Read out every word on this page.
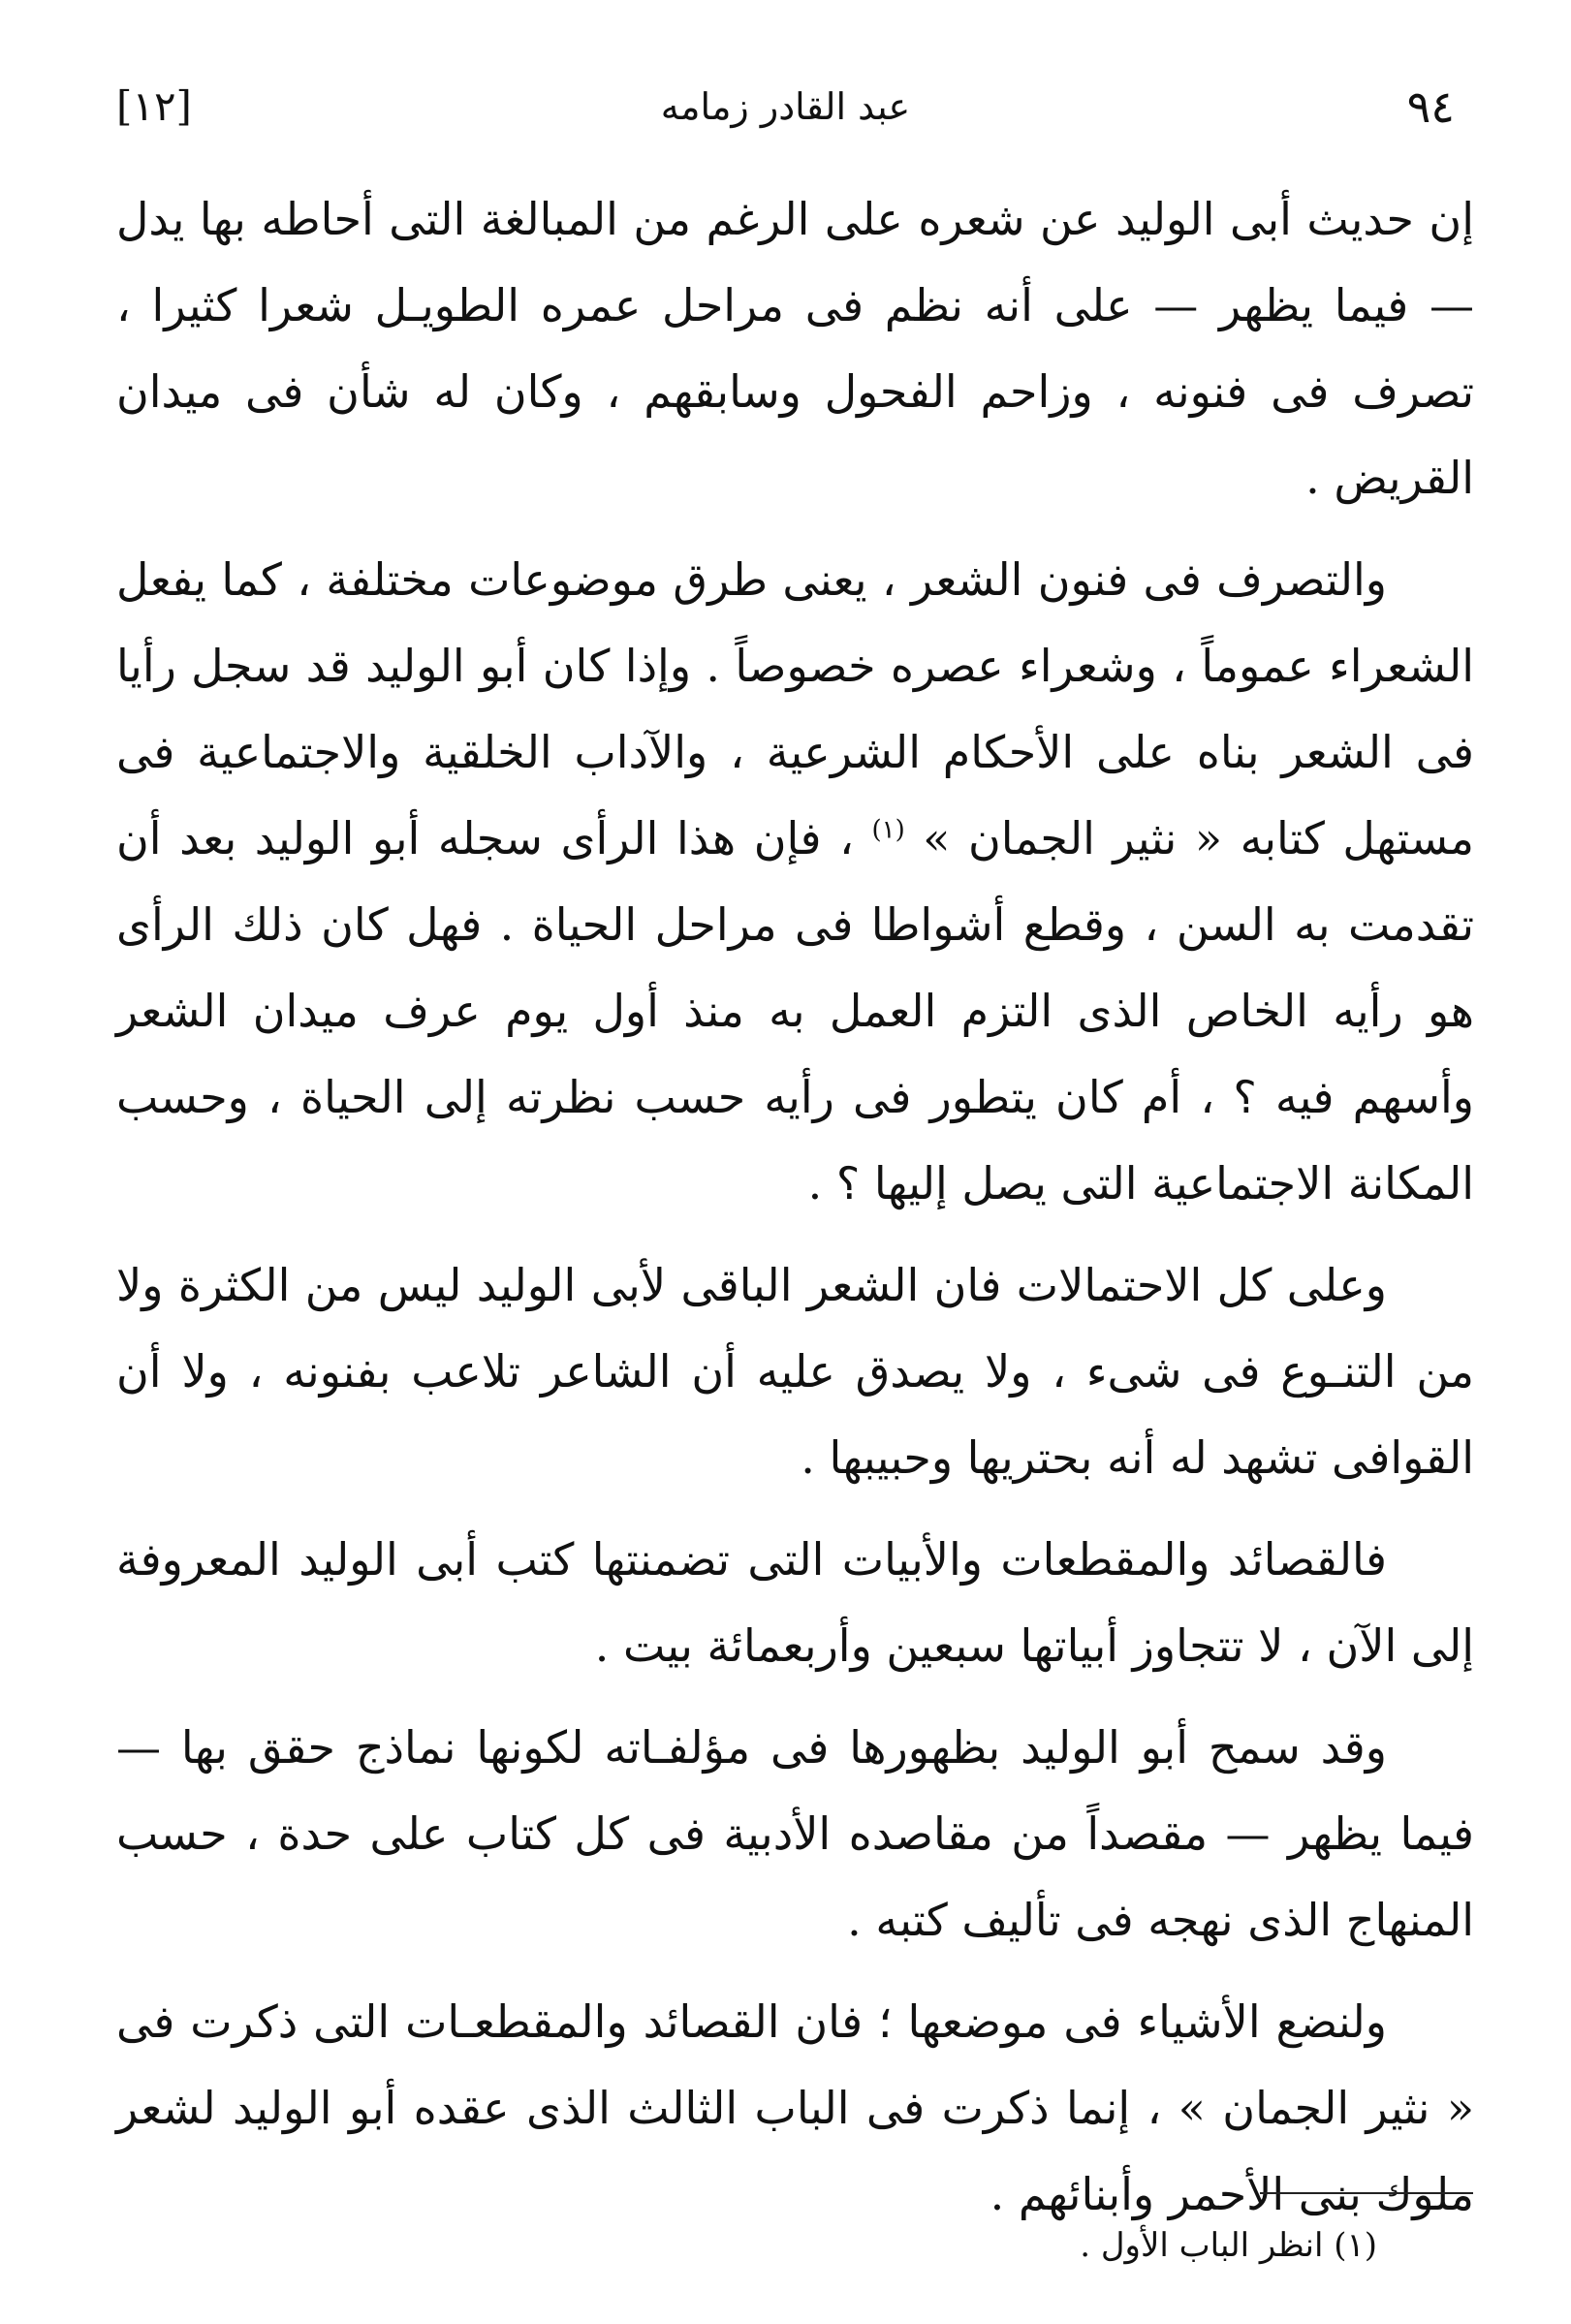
[١٢]	عبد القادر زمامه	٩٤

إن حديث أبى الوليد عن شعره على الرغم من المبالغة التى أحاطه بها يدل — فيما يظهر — على أنه نظم فى مراحل عمره الطويـل شعرا كثيرا ، تصرف فى فنونه ، وزاحم الفحول وسابقهم ، وكان له شأن فى ميدان القريض .

والتصرف فى فنون الشعر ، يعنى طرق موضوعات مختلفة ، كما يفعل الشعراء عموماً ، وشعراء عصره خصوصاً . وإذا كان أبو الوليد قد سجل رأيا فى الشعر بناه على الأحكام الشرعية ، والآداب الخلقية والاجتماعية فى مستهل كتابه « نثير الجمان » $^{(١)}$ ، فإن هذا الرأى سجله أبو الوليد بعد أن تقدمت به السن ، وقطع أشواطا فى مراحل الحياة . فهل كان ذلك الرأى هو رأيه الخاص الذى التزم العمل به منذ أول يوم عرف ميدان الشعر وأسهم فيه ؟ ، أم كان يتطور فى رأيه حسب نظرته إلى الحياة ، وحسب المكانة الاجتماعية التى يصل إليها ؟ .

وعلى كل الاحتمالات فان الشعر الباقى لأبى الوليد ليس من الكثرة ولا من التنـوع فى شىء ، ولا يصدق عليه أن الشاعر تلاعب بفنونه ، ولا أن القوافى تشهد له أنه بحتريها وحبيبها .

فالقصائد والمقطعات والأبيات التى تضمنتها كتب أبى الوليد المعروفة إلى الآن ، لا تتجاوز أبياتها سبعين وأربعمائة بيت .

وقد سمح أبو الوليد بظهورها فى مؤلفـاته لكونها نماذج حقق بها — فيما يظهر — مقصداً من مقاصده الأدبية فى كل كتاب على حدة ، حسب المنهاج الذى نهجه فى تأليف كتبه .

ولنضع الأشياء فى موضعها ؛ فان القصائد والمقطعـات التى ذكرت فى « نثير الجمان » ، إنما ذكرت فى الباب الثالث الذى عقده أبو الوليد لشعر ملوك بنى الأحمر وأبنائهم .

(١) انظر الباب الأول .
